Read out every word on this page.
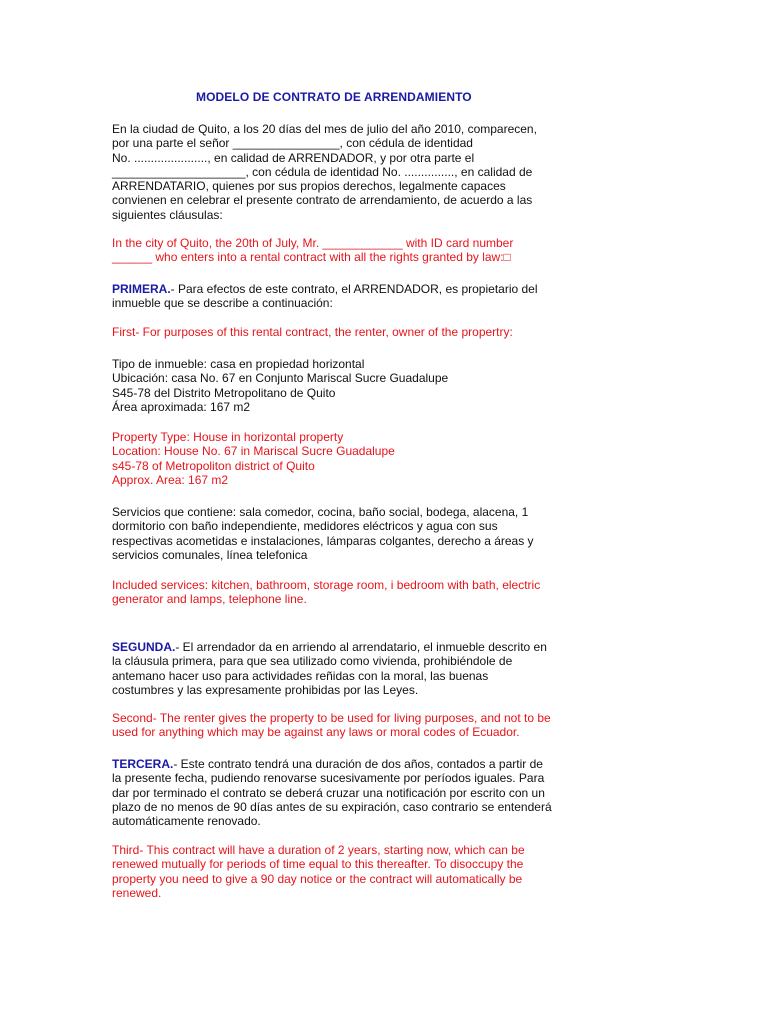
MODELO DE CONTRATO DE ARRENDAMIENTO
En la ciudad de Quito, a los 20 días del mes de julio del año 2010, comparecen,
por una parte el señor ________________, con cédula de identidad
No. ......................, en calidad de ARRENDADOR, y por otra parte el
____________________, con cédula de identidad No. ..............., en calidad de
ARRENDATARIO, quienes por sus propios derechos, legalmente capaces
convienen en celebrar el presente contrato de arrendamiento, de acuerdo a las
siguientes cláusulas:
In the city of Quito, the 20th of July, Mr. ____________ with ID card number
______ who enters into a rental contract with all the rights granted by law:□
PRIMERA.- Para efectos de este contrato, el ARRENDADOR, es propietario del
inmueble que se describe a continuación:
First- For purposes of this rental contract, the renter, owner of the propertry:
Tipo de inmueble: casa en propiedad horizontal
Ubicación: casa No. 67 en Conjunto Mariscal Sucre Guadalupe
S45-78 del Distrito Metropolitano de Quito
Área aproximada: 167 m2
Property Type: House in horizontal property
Location: House No. 67 in Mariscal Sucre Guadalupe
s45-78 of Metropoliton district of Quito
Approx. Area: 167 m2
Servicios que contiene: sala comedor, cocina, baño social, bodega, alacena, 1
dormitorio con baño independiente, medidores eléctricos y agua con sus
respectivas acometidas e instalaciones, lámparas colgantes, derecho a áreas y
servicios comunales, línea telefonica
Included services: kitchen, bathroom, storage room, i bedroom with bath, electric
generator and lamps, telephone line.
SEGUNDA.- El arrendador da en arriendo al arrendatario, el inmueble descrito en
la cláusula primera, para que sea utilizado como vivienda, prohibiéndole de
antemano hacer uso para actividades reñidas con la moral, las buenas
costumbres y las expresamente prohibidas por las Leyes.
Second- The renter gives the property to be used for living purposes, and not to be
used for anything which may be against any laws or moral codes of Ecuador.
TERCERA.- Este contrato tendrá una duración de dos años, contados a partir de
la presente fecha, pudiendo renovarse sucesivamente por períodos iguales. Para
dar por terminado el contrato se deberá cruzar una notificación por escrito con un
plazo de no menos de 90 días antes de su expiración, caso contrario se entenderá
automáticamente renovado.
Third- This contract will have a duration of 2 years, starting now, which can be
renewed mutually for periods of time equal to this thereafter. To disoccupy the
property you need to give a 90 day notice or the contract will automatically be
renewed.
